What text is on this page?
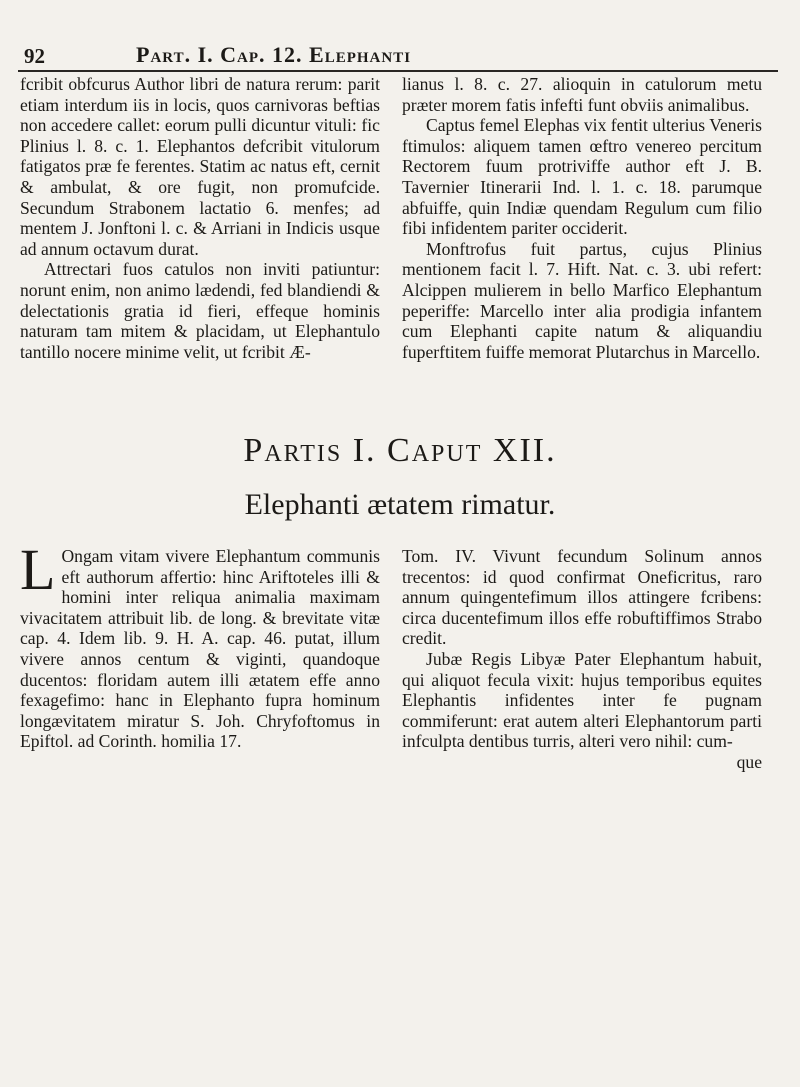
92	Part. I. Cap. 12. Elephanti

fcribit obfcurus Author libri de natura rerum: parit etiam interdum iis in locis, quos carnivoras beftias non accedere callet: eorum pulli dicuntur vituli: fic Plinius l. 8. c. 1. Elephantos defcribit vitulorum fatigatos præ fe ferentes. Statim ac natus eft, cernit & ambulat, & ore fugit, non promufcide. Secundum Strabonem lactatio 6. menfes; ad mentem J. Jonftoni l. c. & Arriani in Indicis usque ad annum octavum durat.

Attrectari fuos catulos non inviti patiuntur: norunt enim, non animo lædendi, fed blandiendi & delectationis gratia id fieri, effeque hominis naturam tam mitem & placidam, ut Elephantulo tantillo nocere minime velit, ut fcribit Æ-

lianus l. 8. c. 27. alioquin in catulorum metu præter morem fatis infefti funt obviis animalibus.

Captus femel Elephas vix fentit ulterius Veneris ftimulos: aliquem tamen œftro venereo percitum Rectorem fuum protriviffe author eft J. B. Tavernier Itinerarii Ind. l. 1. c. 18. parumque abfuiffe, quin Indiæ quendam Regulum cum filio fibi infidentem pariter occiderit.

Monftrofus fuit partus, cujus Plinius mentionem facit l. 7. Hift. Nat. c. 3. ubi refert: Alcippen mulierem in bello Marfico Elephantum peperiffe: Marcello inter alia prodigia infantem cum Elephanti capite natum & aliquandiu fuperftitem fuiffe memorat Plutarchus in Marcello.

Partis I. Caput XII.
Elephanti ætatem rimatur.

L Ongam vitam vivere Elephantum communis eft authorum affertio: hinc Ariftoteles illi & homini inter reliqua animalia maximam vivacitatem attribuit lib. de long. & brevitate vitæ cap. 4. Idem lib. 9. H. A. cap. 46. putat, illum vivere annos centum & viginti, quandoque ducentos: floridam autem illi ætatem effe anno fexagefimo: hanc in Elephanto fupra hominum longævitatem miratur S. Joh. Chryfoftomus in Epiftol. ad Corinth. homilia 17.

Tom. IV. Vivunt fecundum Solinum annos trecentos: id quod confirmat Oneficritus, raro annum quingentefimum illos attingere fcribens: circa ducentefimum illos effe robuftiffimos Strabo credit.

Jubæ Regis Libyæ Pater Elephantum habuit, qui aliquot fecula vixit: hujus temporibus equites Elephantis infidentes inter fe pugnam commiferunt: erat autem alteri Elephantorum parti infculpta dentibus turris, alteri vero nihil: cum-

que
